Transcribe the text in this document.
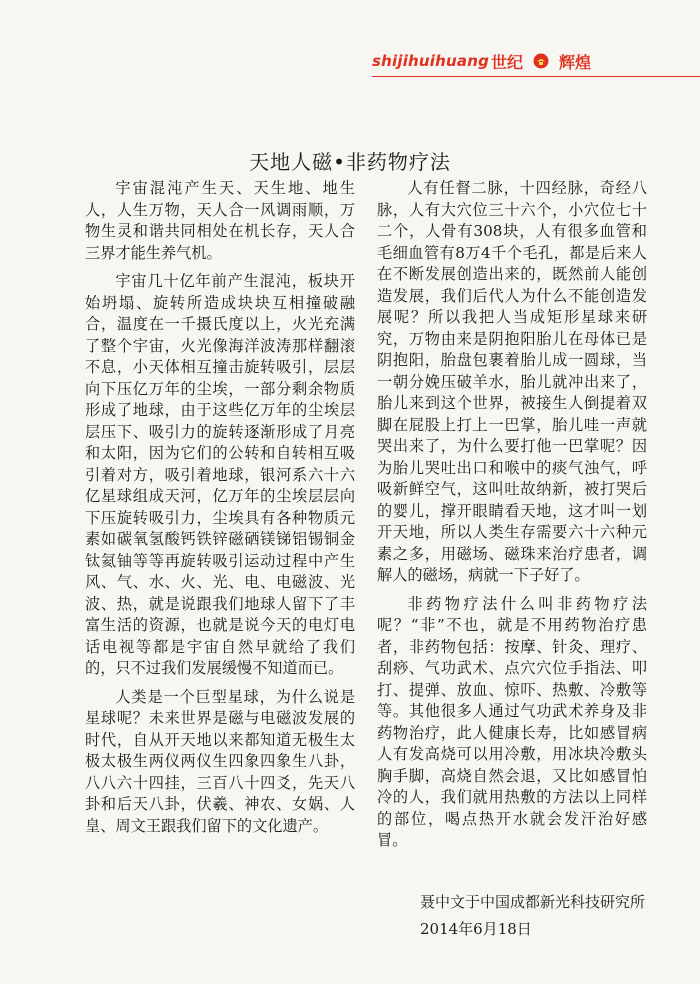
shijihuihuang 世纪 辉煌
天地人磁•非药物疗法

宇宙混沌产生天、天生地、地生人，人生万物，天人合一风调雨顺，万物生灵和谐共同相处在机长存，天人合三界才能生养气机。

宇宙几十亿年前产生混沌，板块开始坍塌、旋转所造成块块互相撞破融合，温度在一千摄氏度以上，火光充满了整个宇宙，火光像海洋波涛那样翻滚不息，小天体相互撞击旋转吸引，层层向下压亿万年的尘埃，一部分剩余物质形成了地球，由于这些亿万年的尘埃层层压下、吸引力的旋转逐渐形成了月亮和太阳，因为它们的公转和自转相互吸引着对方，吸引着地球，银河系六十六亿星球组成天河，亿万年的尘埃层层向下压旋转吸引力，尘埃具有各种物质元素如碳氧氢酸钙铁锌磁硒镁锑铝锡铜金钛氦铀等等再旋转吸引运动过程中产生风、气、水、火、光、电、电磁波、光波、热，就是说跟我们地球人留下了丰富生活的资源，也就是说今天的电灯电话电视等都是宇宙自然早就给了我们的，只不过我们发展缓慢不知道而已。

人类是一个巨型星球，为什么说是星球呢？未来世界是磁与电磁波发展的时代，自从开天地以来都知道无极生太极太极生两仪两仪生四象四象生八卦，八八六十四挂，三百八十四爻，先天八卦和后天八卦，伏羲、神农、女娲、人皇、周文王跟我们留下的文化遗产。

人有任督二脉，十四经脉，奇经八脉，人有大穴位三十六个，小穴位七十二个，人骨有308块，人有很多血管和毛细血管有8万4千个毛孔，都是后来人在不断发展创造出来的，既然前人能创造发展，我们后代人为什么不能创造发展呢？所以我把人当成矩形星球来研究，万物由来是阴抱阳胎儿在母体已是阴抱阳，胎盘包裹着胎儿成一圆球，当一朝分娩压破羊水，胎儿就冲出来了，胎儿来到这个世界，被接生人倒提着双脚在屁股上打上一巴掌，胎儿哇一声就哭出来了，为什么要打他一巴掌呢？因为胎儿哭吐出口和喉中的痰气浊气，呼吸新鲜空气，这叫吐故纳新，被打哭后的婴儿，撑开眼睛看天地，这才叫一划开天地，所以人类生存需要六十六种元素之多，用磁场、磁珠来治疗患者，调解人的磁场，病就一下子好了。

非药物疗法什么叫非药物疗法呢？“非”不也，就是不用药物治疗患者，非药物包括：按摩、针灸、理疗、刮痧、气功武术、点穴穴位手指法、叩打、提弹、放血、惊吓、热敷、冷敷等等。其他很多人通过气功武术养身及非药物治疗，此人健康长寿，比如感冒病人有发高烧可以用冷敷，用冰块冷敷头胸手脚，高烧自然会退，又比如感冒怕冷的人，我们就用热敷的方法以上同样的部位，喝点热开水就会发汗治好感冒。

聂中文于中国成都新光科技研究所
2014年6月18日
